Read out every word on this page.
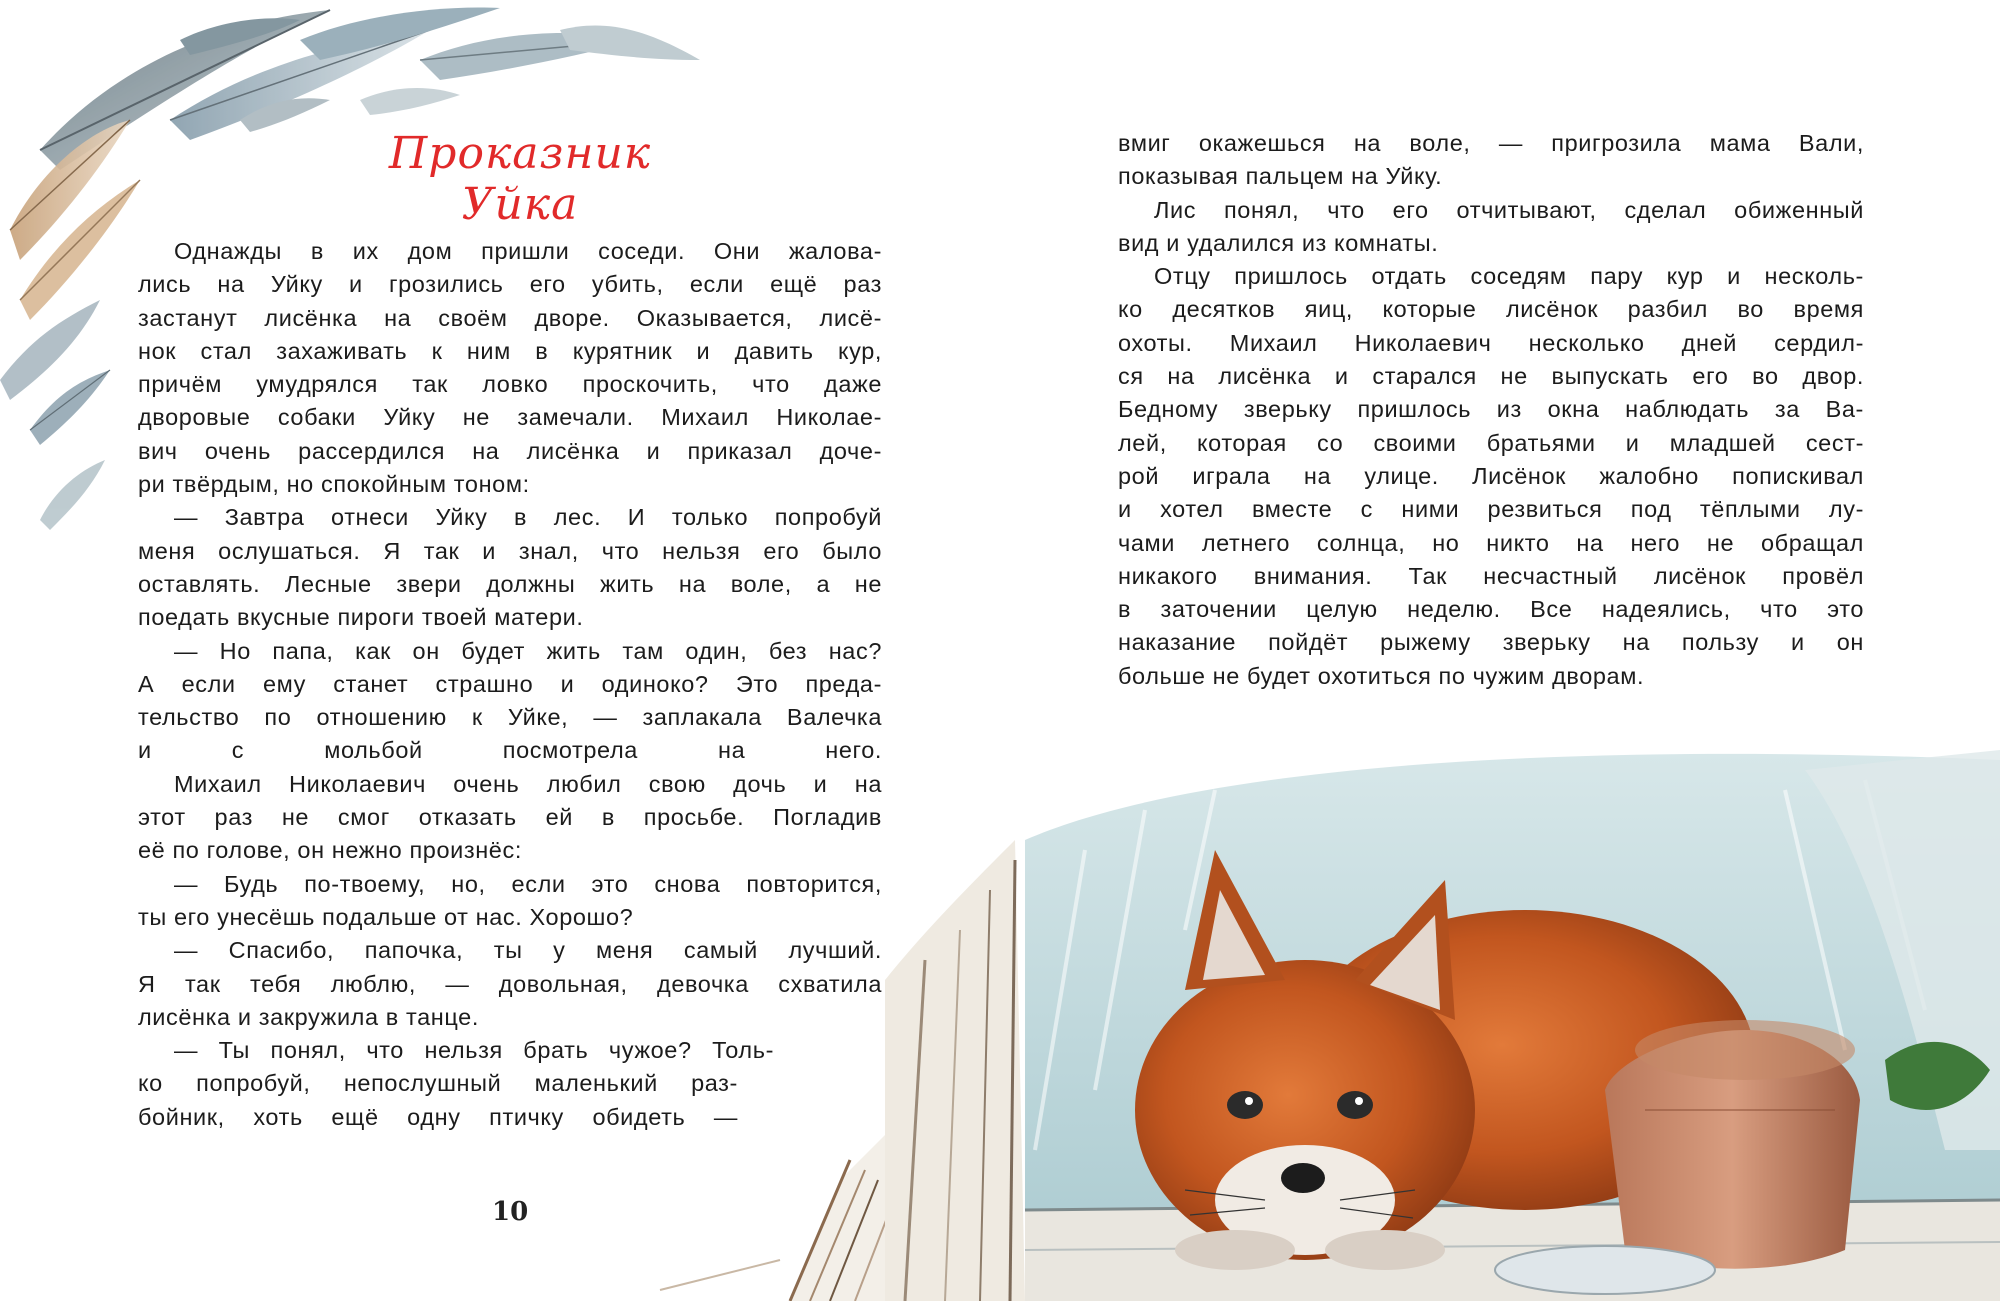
Проказник Уйка
Однажды в их дом пришли соседи. Они жалова-
лись на Уйку и грозились его убить, если ещё раз
застанут лисёнка на своём дворе. Оказывается, лисё-
нок стал захаживать к ним в курятник и давить кур,
причём умудрялся так ловко проскочить, что даже
дворовые собаки Уйку не замечали. Михаил Николае-
вич очень рассердился на лисёнка и приказал доче-
ри твёрдым, но спокойным тоном:
— Завтра отнеси Уйку в лес. И только попробуй
меня ослушаться. Я так и знал, что нельзя его было
оставлять. Лесные звери должны жить на воле, а не
поедать вкусные пироги твоей матери.
— Но папа, как он будет жить там один, без нас?
А если ему станет страшно и одиноко? Это преда-
тельство по отношению к Уйке, — заплакала Валечка
и с мольбой посмотрела на него.
Михаил Николаевич очень любил свою дочь и на
этот раз не смог отказать ей в просьбе. Погладив
её по голове, он нежно произнёс:
— Будь по-твоему, но, если это снова повторится,
ты его унесёшь подальше от нас. Хорошо?
— Спасибо, папочка, ты у меня самый лучший.
Я так тебя люблю, — довольная, девочка схватила
лисёнка и закружила в танце.
— Ты понял, что нельзя брать чужое? Толь-
ко попробуй, непослушный маленький раз-
бойник, хоть ещё одну птичку обидеть —
10
вмиг окажешься на воле, — пригрозила мама Вали,
показывая пальцем на Уйку.
Лис понял, что его отчитывают, сделал обиженный
вид и удалился из комнаты.
Отцу пришлось отдать соседям пару кур и несколь-
ко десятков яиц, которые лисёнок разбил во время
охоты. Михаил Николаевич несколько дней сердил-
ся на лисёнка и старался не выпускать его во двор.
Бедному зверьку пришлось из окна наблюдать за Ва-
лей, которая со своими братьями и младшей сест-
рой играла на улице. Лисёнок жалобно попискивал
и хотел вместе с ними резвиться под тёплыми лу-
чами летнего солнца, но никто на него не обращал
никакого внимания. Так несчастный лисёнок провёл
в заточении целую неделю. Все надеялись, что это
наказание пойдёт рыжему зверьку на пользу и он
больше не будет охотиться по чужим дворам.
